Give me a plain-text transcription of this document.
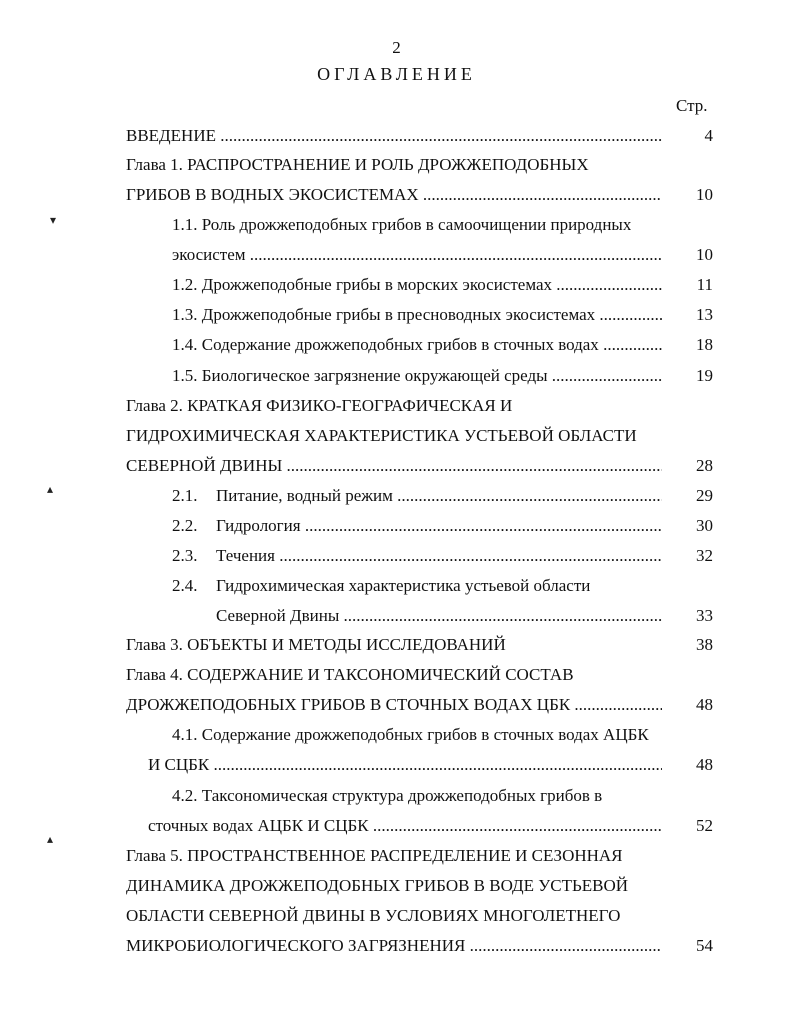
2
ОГЛАВЛЕНИЕ
Стр.
ВВЕДЕНИЕ .....	4
Глава 1. РАСПРОСТРАНЕНИЕ И РОЛЬ ДРОЖЖЕПОДОБНЫХ
ГРИБОВ В ВОДНЫХ ЭКОСИСТЕМАХ .....	10
1.1. Роль дрожжеподобных грибов в самоочищении природных
экосистем .....	10
1.2. Дрожжеподобные грибы в морских экосистемах .....	11
1.3. Дрожжеподобные грибы в пресноводных экосистемах .....	13
1.4. Содержание дрожжеподобных грибов в сточных водах .....	18
1.5. Биологическое загрязнение окружающей среды .....	19
Глава 2. КРАТКАЯ ФИЗИКО-ГЕОГРАФИЧЕСКАЯ И
ГИДРОХИМИЧЕСКАЯ ХАРАКТЕРИСТИКА УСТЬЕВОЙ ОБЛАСТИ
СЕВЕРНОЙ ДВИНЫ .....	28
2.1. Питание, водный режим .....	29
2.2. Гидрология .....	30
2.3. Течения .....	32
2.4. Гидрохимическая характеристика устьевой области
Северной Двины .....	33
Глава 3. ОБЪЕКТЫ И МЕТОДЫ ИССЛЕДОВАНИЙ	38
Глава 4. СОДЕРЖАНИЕ И ТАКСОНОМИЧЕСКИЙ СОСТАВ
ДРОЖЖЕПОДОБНЫХ ГРИБОВ В СТОЧНЫХ ВОДАХ ЦБК .....	48
4.1. Содержание дрожжеподобных грибов в сточных водах АЦБК
И СЦБК .....	48
4.2. Таксономическая структура дрожжеподобных грибов в
сточных водах АЦБК И СЦБК .....	52
Глава 5. ПРОСТРАНСТВЕННОЕ РАСПРЕДЕЛЕНИЕ И СЕЗОННАЯ
ДИНАМИКА ДРОЖЖЕПОДОБНЫХ ГРИБОВ В ВОДЕ УСТЬЕВОЙ
ОБЛАСТИ СЕВЕРНОЙ ДВИНЫ В УСЛОВИЯХ МНОГОЛЕТНЕГО
МИКРОБИОЛОГИЧЕСКОГО ЗАГРЯЗНЕНИЯ .....	54
▾
▴
▴
